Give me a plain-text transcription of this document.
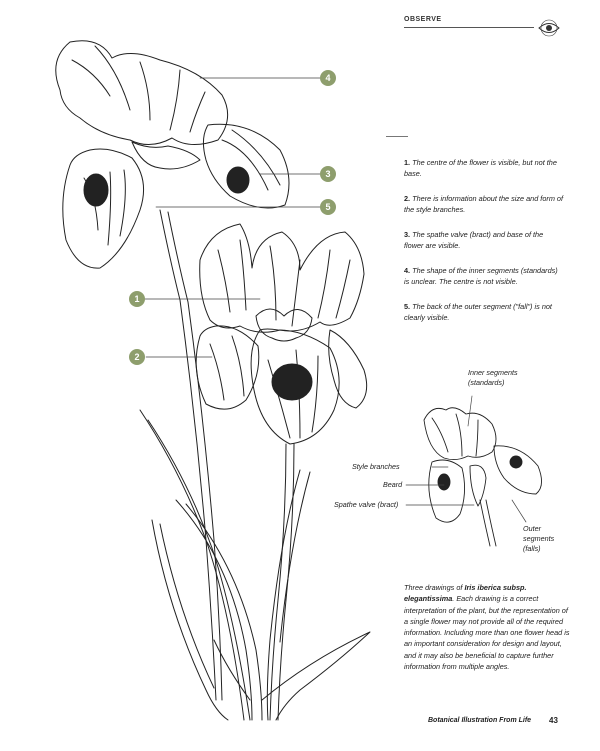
OBSERVE
4
3
5
1
2

1. The centre of the flower is visible, but not the base.

2. There is information about the size and form of the style branches.

3. The spathe valve (bract) and base of the flower are visible.

4. The shape of the inner segments (standards) is unclear. The centre is not visible.

5. The back of the outer segment ("fall") is not clearly visible.

Inner segments (standards)
Style branches
Beard
Spathe valve (bract)
Outer segments (falls)
Three drawings of Iris iberica subsp. elegantissima. Each drawing is a correct interpretation of the plant, but the representation of a single flower may not provide all of the required information. Including more than one flower head is an important consideration for design and layout, and it may also be beneficial to capture further information from multiple angles.
Botanical Illustration From Life 43
